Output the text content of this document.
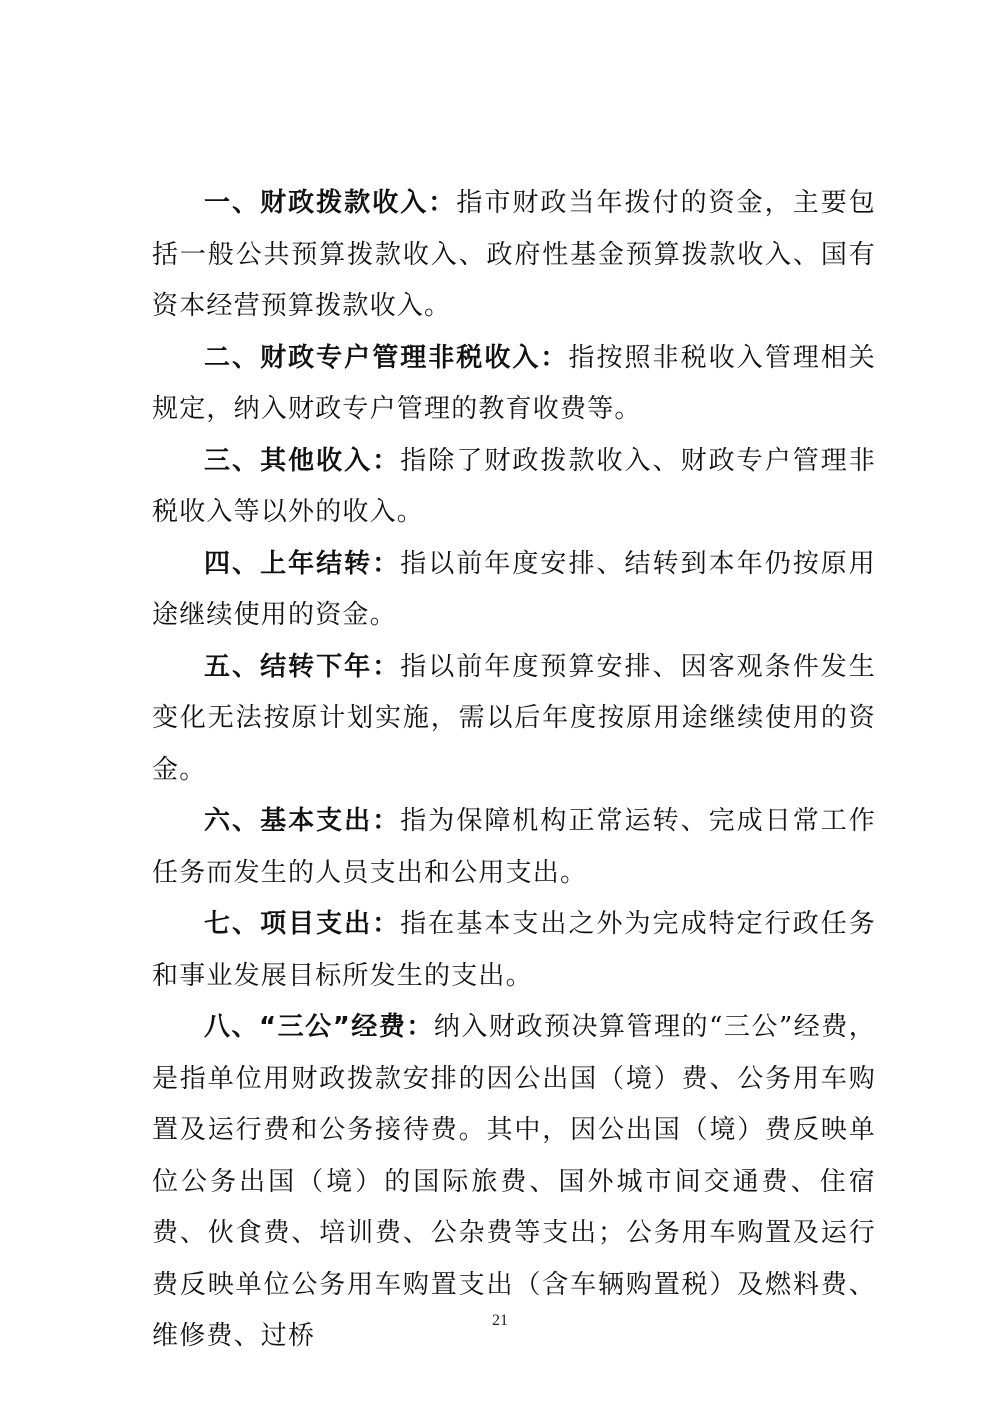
一、财政拨款收入：指市财政当年拨付的资金，主要包括一般公共预算拨款收入、政府性基金预算拨款收入、国有资本经营预算拨款收入。

二、财政专户管理非税收入：指按照非税收入管理相关规定，纳入财政专户管理的教育收费等。

三、其他收入：指除了财政拨款收入、财政专户管理非税收入等以外的收入。

四、上年结转：指以前年度安排、结转到本年仍按原用途继续使用的资金。

五、结转下年：指以前年度预算安排、因客观条件发生变化无法按原计划实施，需以后年度按原用途继续使用的资金。

六、基本支出：指为保障机构正常运转、完成日常工作任务而发生的人员支出和公用支出。

七、项目支出：指在基本支出之外为完成特定行政任务和事业发展目标所发生的支出。

八、“三公”经费：纳入财政预决算管理的“三公”经费，是指单位用财政拨款安排的因公出国（境）费、公务用车购置及运行费和公务接待费。其中，因公出国（境）费反映单位公务出国（境）的国际旅费、国外城市间交通费、住宿费、伙食费、培训费、公杂费等支出；公务用车购置及运行费反映单位公务用车购置支出（含车辆购置税）及燃料费、维修费、过桥

21
